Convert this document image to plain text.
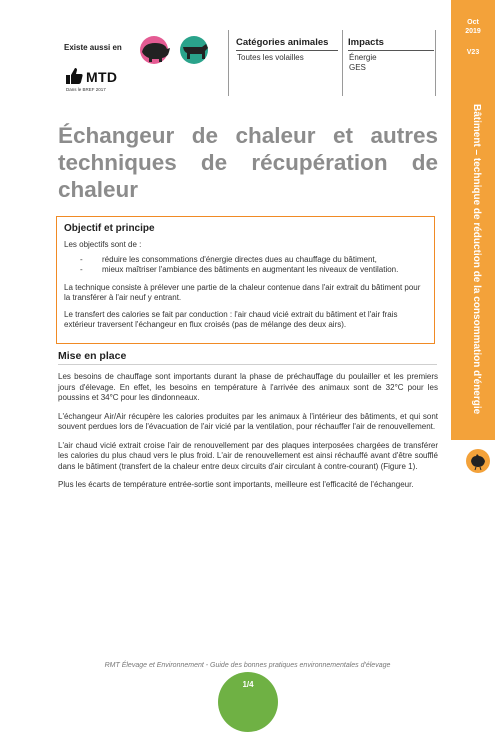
Existe aussi en
MTD
Dans le BREF 2017
Catégories animales
Toutes les volailles
Impacts
Énergie
GES
Oct
2019
V23
Bâtiment – technique de réduction de la consommation d'énergie
Échangeur de chaleur et autres techniques de récupération de chaleur
Objectif et principe

Les objectifs sont de :

- réduire les consommations d'énergie directes dues au chauffage du bâtiment,
- mieux maîtriser l'ambiance des bâtiments en augmentant les niveaux de ventilation.

La technique consiste à prélever une partie de la chaleur contenue dans l'air extrait du bâtiment pour la transférer à l'air neuf y entrant.

Le transfert des calories se fait par conduction : l'air chaud vicié extrait du bâtiment et l'air frais extérieur traversent l'échangeur en flux croisés (pas de mélange des deux airs).

Mise en place

Les besoins de chauffage sont importants durant la phase de préchauffage du poulailler et les premiers jours d'élevage. En effet, les besoins en température à l'arrivée des animaux sont de 32°C pour les poussins et 34°C pour les dindonneaux.

L'échangeur Air/Air récupère les calories produites par les animaux à l'intérieur des bâtiments, et qui sont souvent perdues lors de l'évacuation de l'air vicié par la ventilation, pour réchauffer l'air de renouvellement.

L'air chaud vicié extrait croise l'air de renouvellement par des plaques interposées chargées de transférer les calories du plus chaud vers le plus froid. L'air de renouvellement est ainsi réchauffé avant d'être soufflé dans le bâtiment (transfert de la chaleur entre deux circuits d'air circulant à contre-courant) (Figure 1).

Plus les écarts de température entrée-sortie sont importants, meilleure est l'efficacité de l'échangeur.

RMT Élevage et Environnement - Guide des bonnes pratiques environnementales d'élevage
1/4
